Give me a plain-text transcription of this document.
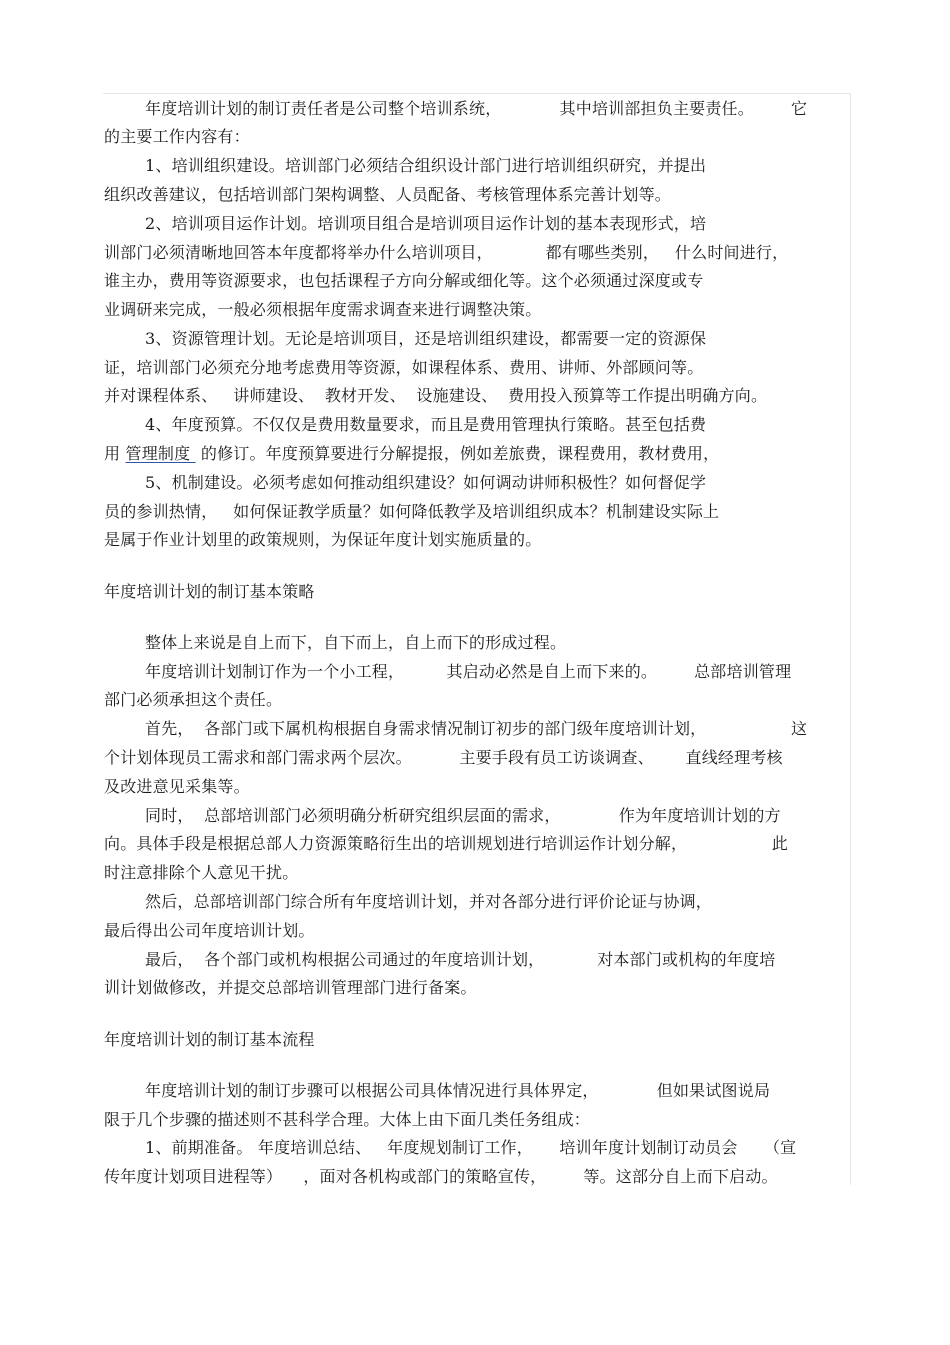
年度培训计划的制订责任者是公司整个培训系统，           其中培训部担负主要责任。       它
的主要工作内容有：
1、培训组织建设。培训部门必须结合组织设计部门进行培训组织研究，并提出
组织改善建议，包括培训部门架构调整、人员配备、考核管理体系完善计划等。
2、培训项目运作计划。培训项目组合是培训项目运作计划的基本表现形式，培
训部门必须清晰地回答本年度都将举办什么培训项目，          都有哪些类别，   什么时间进行，
谁主办，费用等资源要求，也包括课程子方向分解或细化等。这个必须通过深度或专
业调研来完成，一般必须根据年度需求调查来进行调整决策。
3、资源管理计划。无论是培训项目，还是培训组织建设，都需要一定的资源保
证，培训部门必须充分地考虑费用等资源，如课程体系、费用、讲师、外部顾问等。
并对课程体系、   讲师建设、  教材开发、  设施建设、  费用投入预算等工作提出明确方向。
4、年度预算。不仅仅是费用数量要求，而且是费用管理执行策略。甚至包括费
用 管理制度  的修订。年度预算要进行分解提报，例如差旅费，课程费用，教材费用，
5、机制建设。必须考虑如何推动组织建设？如何调动讲师积极性？如何督促学
员的参训热情，   如何保证教学质量？如何降低教学及培训组织成本？机制建设实际上
是属于作业计划里的政策规则，为保证年度计划实施质量的。
年度培训计划的制订基本策略
整体上来说是自上而下，自下而上，自上而下的形成过程。
年度培训计划制订作为一个小工程，        其启动必然是自上而下来的。       总部培训管理
部门必须承担这个责任。
首先，  各部门或下属机构根据自身需求情况制订初步的部门级年度培训计划，                这
个计划体现员工需求和部门需求两个层次。         主要手段有员工访谈调查、      直线经理考核
及改进意见采集等。
同时，  总部培训部门必须明确分析研究组织层面的需求，           作为年度培训计划的方
向。具体手段是根据总部人力资源策略衍生出的培训规划进行培训运作计划分解，                此
时注意排除个人意见干扰。
然后，总部培训部门综合所有年度培训计划，并对各部分进行评价论证与协调，
最后得出公司年度培训计划。
最后，  各个部门或机构根据公司通过的年度培训计划，          对本部门或机构的年度培
训计划做修改，并提交总部培训管理部门进行备案。
年度培训计划的制订基本流程
年度培训计划的制订步骤可以根据公司具体情况进行具体界定，           但如果试图说局
限于几个步骤的描述则不甚科学合理。大体上由下面几类任务组成：
1、前期准备。 年度培训总结、   年度规划制订工作，     培训年度计划制订动员会     （宣
传年度计划项目进程等）    ，面对各机构或部门的策略宣传，       等。这部分自上而下启动。
